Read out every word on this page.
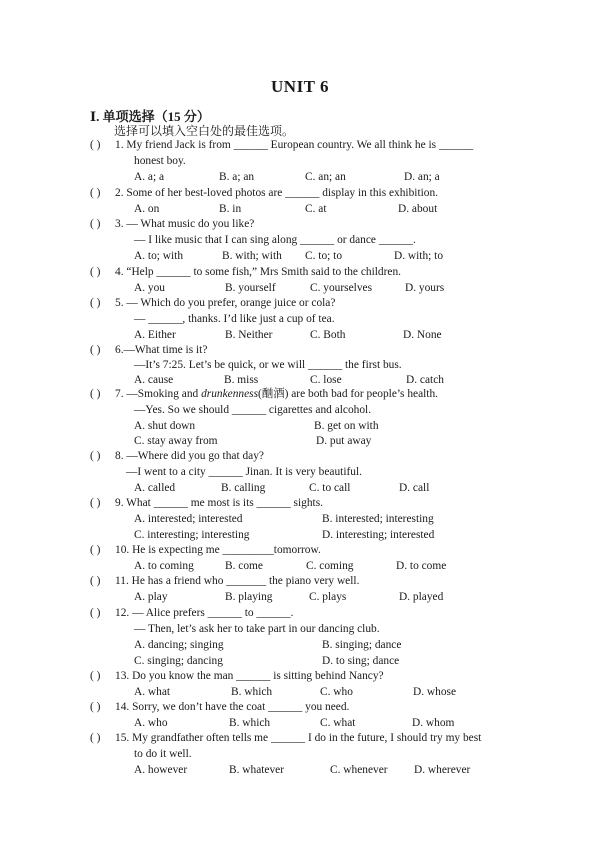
UNIT 6
Ⅰ. 单项选择（15 分）
选择可以填入空白处的最佳选项。
( ) 1. My friend Jack is from ______ European country. We all think he is ______
honest boy.
A. a; a	B. a; an	C. an; an	D. an; a
( ) 2. Some of her best-loved photos are ______ display in this exhibition.
A. on	B. in	C. at	D. about
( ) 3. — What music do you like?
— I like music that I can sing along ______ or dance ______.
A. to; with	B. with; with C. to; to	D. with; to
( ) 4. “Help ______ to some fish,” Mrs Smith said to the children.
A. you	B. yourself	C. yourselves	D. yours
( ) 5. — Which do you prefer, orange juice or cola?
— ______, thanks. I’d like just a cup of tea.
A. Either	B. Neither	C. Both	D. None
( ) 6.—What time is it?
—It’s 7:25. Let’s be quick, or we will ______ the first bus.
A. cause	B. miss	C. lose	D. catch
( ) 7. —Smoking and drunkenness(酗酒) are both bad for people’s health.
—Yes. So we should ______ cigarettes and alcohol.
A. shut down	B. get on with
C. stay away from	D. put away
( ) 8. —Where did you go that day?
—I went to a city ______ Jinan. It is very beautiful.
A. called	B. calling	C. to call	D. call
( ) 9. What ______ me most is its ______ sights.
A. interested; interested	B. interested; interesting
C. interesting; interesting	D. interesting; interested
( ) 10. He is expecting me _________tomorrow.
A. to coming	B. come	C. coming	D. to come
( ) 11. He has a friend who _______ the piano very well.
A. play	B. playing	C. plays	D. played
( ) 12. — Alice prefers ______ to ______.
— Then, let’s ask her to take part in our dancing club.
A. dancing; singing	B. singing; dance
C. singing; dancing	D. to sing; dance
( ) 13. Do you know the man ______ is sitting behind Nancy?
A. what	B. which	C. who	D. whose
( ) 14. Sorry, we don’t have the coat ______ you need.
A. who	B. which	C. what	D. whom
( ) 15. My grandfather often tells me ______ I do in the future, I should try my best
to do it well.
A. however	B. whatever	C. whenever D. wherever
